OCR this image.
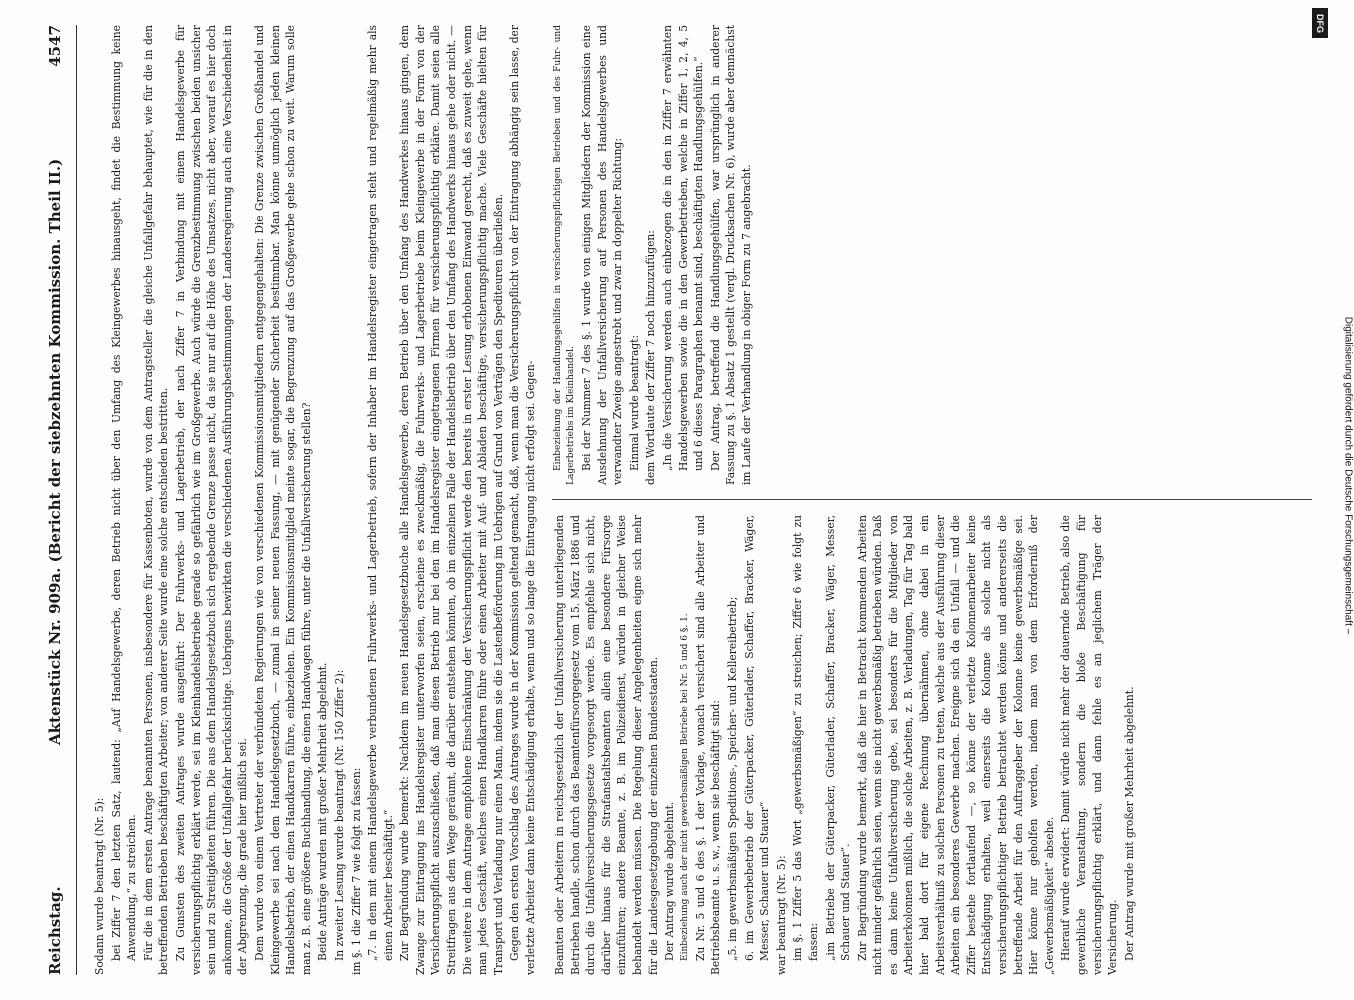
Reichstag.
Aktenstück Nr. 909a. (Bericht der siebzehnten Kommission. Theil II.)
4547

Sodann wurde beantragt (Nr. 5): bei Ziffer 7 den letzten Satz, lautend: „Auf Handelsgewerbe, deren Betrieb nicht über den Umfang des Kleingewerbes hinausgeht, findet die Bestimmung keine Anwendung,“ zu streichen. Für die in dem ersten Antrage benannten Personen, insbesondere für Kassenboten, wurde von dem Antragsteller die gleiche Unfallgefahr behauptet, wie für die in den betreffenden Betrieben beschäftigten Arbeiter; von anderer Seite wurde eine solche entschieden bestritten. Zu Gunsten des zweiten Antrages wurde ausgeführt: Der Fuhrwerks- und Lagerbetrieb, der nach Ziffer 7 in Verbindung mit einem Handelsgewerbe für versicherungspflichtig erklärt werde, sei im Kleinhandelsbetriebe gerade so gefährlich wie im Großgewerbe. Auch würde die Grenzbestimmung zwischen beiden unsicher sein und zu Streitigkeiten führen. Die aus dem Handelsgesetzbuch sich ergebende Grenze passe nicht, da sie nur auf die Höhe des Umsatzes, nicht aber, worauf es hier doch ankomme, die Größe der Unfallgefahr berücksichtige. Uebrigens bewirkten die verschiedenen Ausführungsbestimmungen der Landesregierung auch eine Verschiedenheit in der Abgrenzung, die grade hier mißlich sei. Dem wurde von einem Vertreter der verbündeten Regierungen wie von verschiedenen Kommissionsmitgliedern entgegengehalten: Die Grenze zwischen Großhandel und Kleingewerbe sei nach dem Handelsgesetzbuch, — zumal in seiner neuen Fassung, — mit genügender Sicherheit bestimmbar. Man könne unmöglich jeden kleinen Handelsbetrieb, der einen Handkarren führe, einbeziehen. Ein Kommissionsmitglied meinte sogar, die Begrenzung auf das Großgewerbe gehe schon zu weit. Warum solle man z. B. eine größere Buchhandlung, die einen Handwagen führe, unter die Unfallversicherung stellen? Beide Anträge wurden mit großer Mehrheit abgelehnt. In zweiter Lesung wurde beantragt (Nr. 150 Ziffer 2): im §. 1 die Ziffer 7 wie folgt zu fassen: „7. in dem mit einem Handelsgewerbe verbundenen Fuhrwerks- und Lagerbetrieb, sofern der Inhaber im Handelsregister eingetragen steht und regelmäßig mehr als einen Arbeiter beschäftigt.“ Zur Begründung wurde bemerkt: Nachdem im neuen Handelsgesetzbuche alle Handelsgewerbe, deren Betrieb über den Umfang des Handwerkes hinaus gingen, dem Zwange zur Eintragung ins Handelsregister unterworfen seien, erscheine es zweckmäßig, die Fuhrwerks- und Lagerbetriebe beim Kleingewerbe in der Form von der Versicherungspflicht auszuschließen, daß man diesen Betrieb nur bei den im Handelsregister eingetragenen Firmen für versicherungspflichtig erkläre. Damit seien alle Streitfragen aus dem Wege geräumt, die darüber entstehen könnten, ob im einzelnen Falle der Handelsbetrieb über den Umfang des Handwerks hinaus gehe oder nicht. — Die weitere in dem Antrage empfohlene Einschränkung der Versicherungspflicht werde den bereits in erster Lesung erhobenen Einwand gerecht, daß es zuweit gehe, wenn man jedes Geschäft, welches einen Handkarren führe oder einen Arbeiter mit Auf- und Abladen beschäftige, versicherungspflichtig mache. Viele Geschäfte hielten für Transport und Verladung nur einen Mann, indem sie die Lastenbeförderung im Uebrigen auf Grund von Verträgen den Spediteuren überließen. Gegen den ersten Vorschlag des Antrages wurde in der Kommission geltend gemacht, daß, wenn man die Versicherungspflicht von der Eintragung abhängig sein lasse, der verletzte Arbeiter dann keine Entschädigung erhalte, wenn und so lange die Eintragung nicht erfolgt sei. Gegen- Beamten oder Arbeitern in reichsgesetzlich der Unfallversicherung unterliegenden Betrieben handle, schon durch das Beamtenfürsorgegesetz vom 15. März 1886 und durch die Unfallversicherungsgesetze vorgesorgt werde. Es empfehle sich nicht, darüber hinaus für die Strafanstaltsbeamten allein eine besondere Fürsorge einzuführen; andere Beamte, z. B. im Polizeidienst, würden in gleicher Weise behandelt werden müssen. Die Regelung dieser Angelegenheiten eigne sich mehr für die Landesgesetzgebung der einzelnen Bundesstaaten. Der Antrag wurde abgelehnt. Einbeziehung auch der nicht gewerbsmäßigen Betriebe bei Nr. 5 und 6 §. 1. Zu Nr. 5 und 6 des §. 1 der Vorlage, wonach versichert sind alle Arbeiter und Betriebsbeamte u. s. w., wenn sie beschäftigt sind: „5. im gewerbsmäßigen Speditions-, Speicher- und Kellereibetrieb; 6. im Gewerbebetrieb der Güterpacker, Güterlader, Schaffer, Bracker, Wäger, Messer, Schauer und Stauer“ war beantragt (Nr. 5): im §. 1 Ziffer 5 das Wort „gewerbsmäßigen“ zu streichen; Ziffer 6 wie folgt zu fassen: „im Betriebe der Güterpacker, Güterlader, Schaffer, Bracker, Wäger, Messer, Schauer und Stauer“. Zur Begründung wurde bemerkt, daß die hier in Betracht kommenden Arbeiten nicht minder gefährlich seien, wenn sie nicht gewerbsmäßig betrieben würden. Daß es dann keine Unfallversicherung gebe, sei besonders für die Mitglieder von Arbeiterkolonnen mißlich, die solche Arbeiten, z. B. Verladungen, Tag für Tag bald hier bald dort für eigene Rechnung übernähmen, ohne dabei in ein Arbeitsverhältniß zu solchen Personen zu treten, welche aus der Ausführung dieser Arbeiten ein besonderes Gewerbe machen. Ereigne sich da ein Unfall — und die Ziffer bestehe fortlaufend —, so könne der verletzte Kolonnenarbeiter keine Entschädigung erhalten, weil einerseits die Kolonne als solche nicht als versicherungspflichtiger Betrieb betrachtet werden könne und andererseits die betreffende Arbeit für den Auftraggeber der Kolonne keine gewerbsmäßige sei. Hier könne nur geholfen werden, indem man von dem Erforderniß der „Gewerbsmäßigkeit“ absehe. Hierauf wurde erwidert: Damit würde nicht mehr der dauernde Betrieb, also die gewerbliche Veranstaltung, sondern die bloße Beschäftigung für versicherungspflichtig erklärt, und dann fehle es an jeglichem Träger der Versicherung. Der Antrag wurde mit großer Mehrheit abgelehnt.

Einbeziehung der Handlungsgehilfen in versicherungspflichtigen Betrieben und des Fuhr- und Lagerbetriebs im Kleinhandel. Bei der Nummer 7 des §. 1 wurde von einigen Mitgliedern der Kommission eine Ausdehnung der Unfallversicherung auf Personen des Handelsgewerbes und verwandter Zweige angestrebt und zwar in doppelter Richtung: Einmal wurde beantragt: dem Wortlaute der Ziffer 7 noch hinzuzufügen: „In die Versicherung werden auch einbezogen die in den in Ziffer 7 erwähnten Handelsgewerben sowie die in den Gewerbetrieben, welche in Ziffer 1, 2, 4, 5 und 6 dieses Paragraphen benannt sind, beschäftigten Handlungsgehülfen.“ Der Antrag, betreffend die Handlungsgehülfen, war ursprünglich in anderer Fassung zu §. 1 Absatz 1 gestellt (vergl. Drucksachen Nr. 6), wurde aber demnächst im Laufe der Verhandlung in obiger Form zu 7 angebracht.

DFG
Digitalisierung gefördert durch die Deutsche Forschungsgemeinschaft –
